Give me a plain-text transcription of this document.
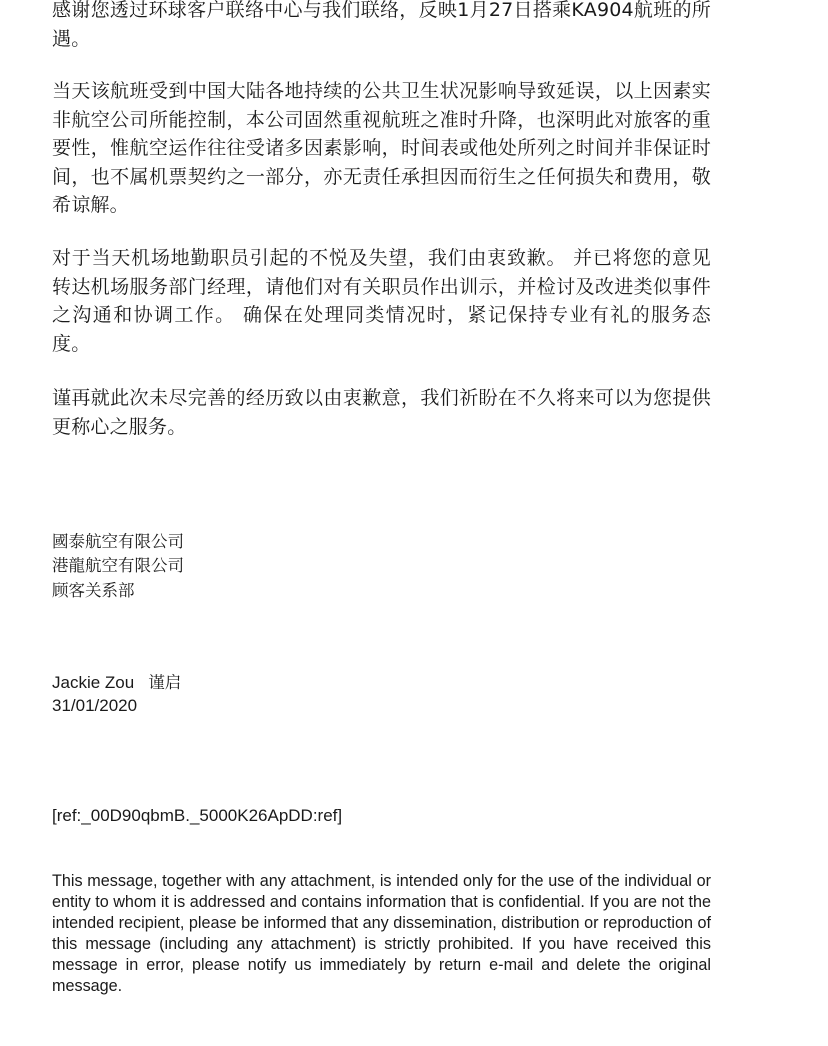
感谢您透过环球客户联络中心与我们联络，反映1月27日搭乘KA904航班的所遇。

当天该航班受到中国大陆各地持续的公共卫生状况影响导致延误，以上因素实非航空公司所能控制，本公司固然重视航班之准时升降，也深明此对旅客的重要性，惟航空运作往往受诸多因素影响，时间表或他处所列之时间并非保证时间，也不属机票契约之一部分，亦无责任承担因而衍生之任何损失和费用，敬希谅解。

对于当天机场地勤职员引起的不悦及失望，我们由衷致歉。 并已将您的意见转达机场服务部门经理，请他们对有关职员作出训示，并检讨及改进类似事件之沟通和协调工作。 确保在处理同类情况时，紧记保持专业有礼的服务态度。

谨再就此次未尽完善的经历致以由衷歉意，我们祈盼在不久将来可以为您提供更称心之服务。

國泰航空有限公司
港龍航空有限公司
顾客关系部
Jackie Zou 谨启
31/01/2020
[ref:_00D90qbmB._5000K26ApDD:ref]

This message, together with any attachment, is intended only for the use of the individual or entity to whom it is addressed and contains information that is confidential. If you are not the intended recipient, please be informed that any dissemination, distribution or reproduction of this message (including any attachment) is strictly prohibited. If you have received this message in error, please notify us immediately by return e-mail and delete the original message.
